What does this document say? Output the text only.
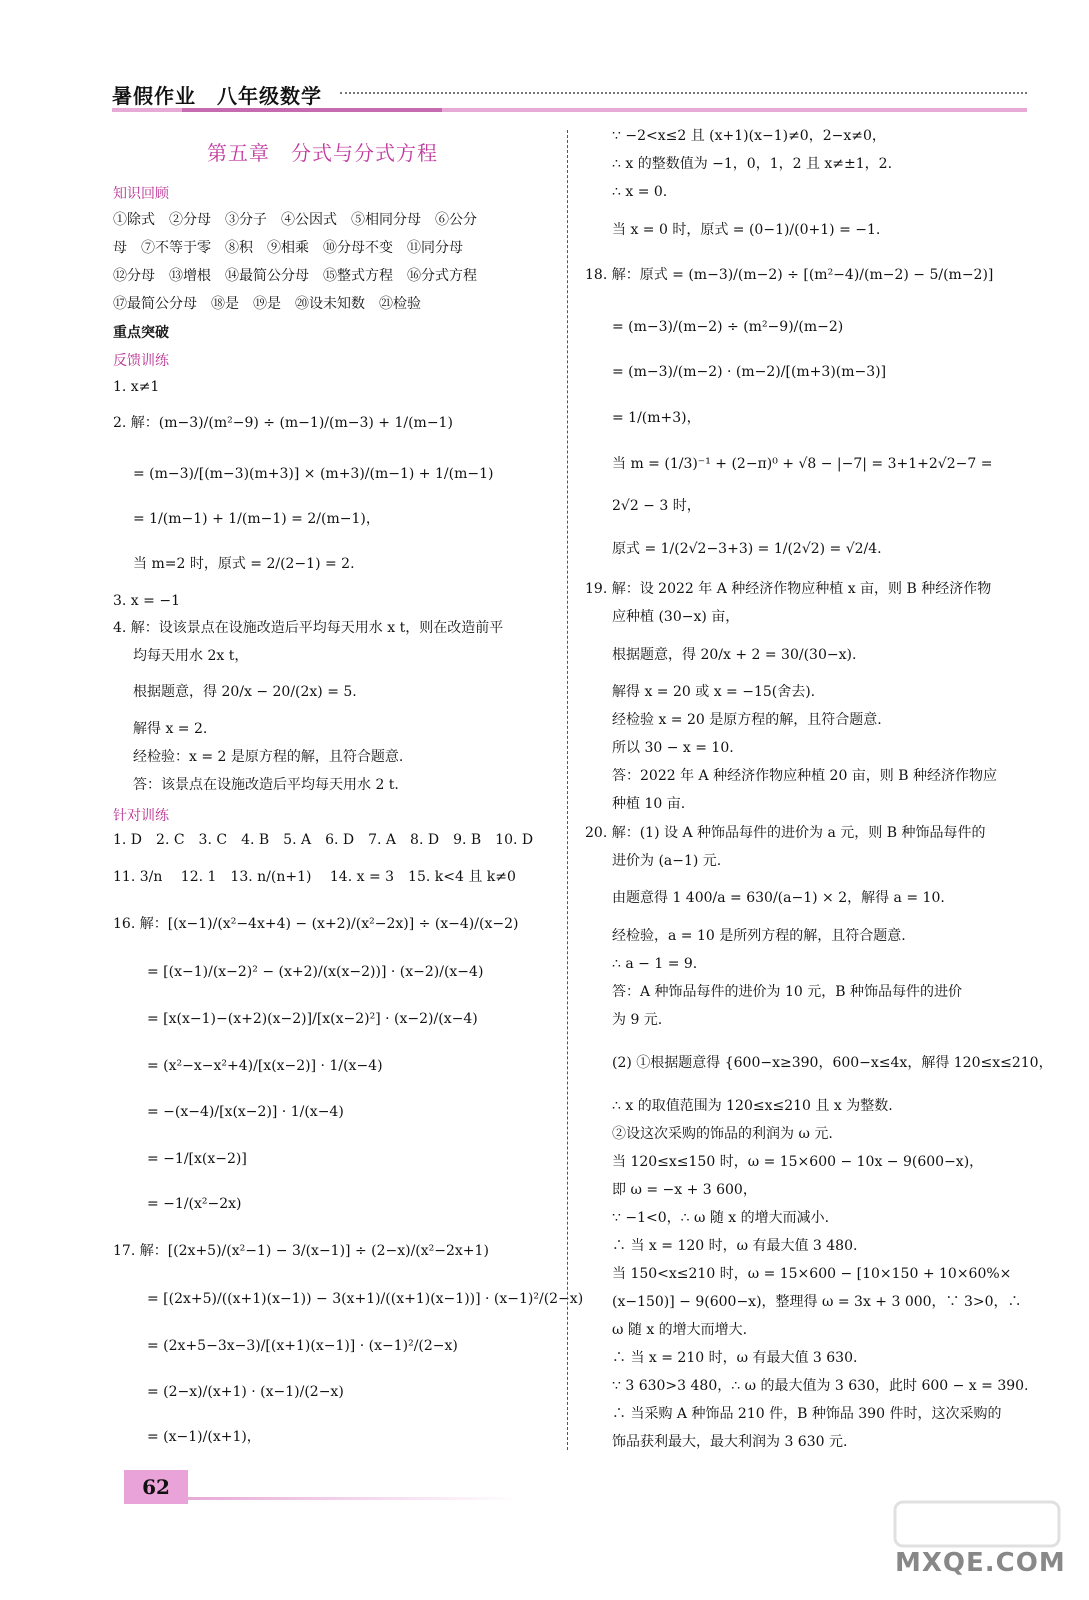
暑假作业　八年级数学
第五章　分式与分式方程
知识回顾
①除式　②分母　③分子　④公因式　⑤相同分母　⑥公分
母　⑦不等于零　⑧积　⑨相乘　⑩分母不变　⑪同分母
⑫分母　⑬增根　⑭最简公分母　⑮整式方程　⑯分式方程
⑰最简公分母　⑱是　⑲是　⑳设未知数　㉑检验
重点突破
反馈训练
1. x≠1
2. 解：(m−3)/(m²−9) ÷ (m−1)/(m−3) + 1/(m−1)
= (m−3)/[(m−3)(m+3)] × (m+3)/(m−1) + 1/(m−1)
= 1/(m−1) + 1/(m−1) = 2/(m−1)，
当 m=2 时，原式 = 2/(2−1) = 2.
3. x = −1
4. 解：设该景点在设施改造后平均每天用水 x t，则在改造前平
均每天用水 2x t，
根据题意，得 20/x − 20/(2x) = 5.
解得 x = 2.
经检验：x = 2 是原方程的解，且符合题意.
答：该景点在设施改造后平均每天用水 2 t.
针对训练
1. D　2. C　3. C　4. B　5. A　6. D　7. A　8. D　9. B　10. D
11. 3/n　 12. 1　13. n/(n+1)　 14. x = 3　15. k<4 且 k≠0
16. 解：[(x−1)/(x²−4x+4) − (x+2)/(x²−2x)] ÷ (x−4)/(x−2)
= [(x−1)/(x−2)² − (x+2)/(x(x−2))] · (x−2)/(x−4)
= [x(x−1)−(x+2)(x−2)]/[x(x−2)²] · (x−2)/(x−4)
= (x²−x−x²+4)/[x(x−2)] · 1/(x−4)
= −(x−4)/[x(x−2)] · 1/(x−4)
= −1/[x(x−2)]
= −1/(x²−2x)
17. 解：[(2x+5)/(x²−1) − 3/(x−1)] ÷ (2−x)/(x²−2x+1)
= [(2x+5)/((x+1)(x−1)) − 3(x+1)/((x+1)(x−1))] · (x−1)²/(2−x)
= (2x+5−3x−3)/[(x+1)(x−1)] · (x−1)²/(2−x)
= (2−x)/(x+1) · (x−1)/(2−x)
= (x−1)/(x+1)，
∵ −2<x≤2 且 (x+1)(x−1)≠0，2−x≠0，
∴ x 的整数值为 −1，0，1，2 且 x≠±1，2.
∴ x = 0.
当 x = 0 时，原式 = (0−1)/(0+1) = −1.
18. 解：原式 = (m−3)/(m−2) ÷ [(m²−4)/(m−2) − 5/(m−2)]
= (m−3)/(m−2) ÷ (m²−9)/(m−2)
= (m−3)/(m−2) · (m−2)/[(m+3)(m−3)]
= 1/(m+3)，
当 m = (1/3)⁻¹ + (2−π)⁰ + √8 − |−7| = 3+1+2√2−7 =
2√2 − 3 时，
原式 = 1/(2√2−3+3) = 1/(2√2) = √2/4.
19. 解：设 2022 年 A 种经济作物应种植 x 亩，则 B 种经济作物
应种植 (30−x) 亩，
根据题意，得 20/x + 2 = 30/(30−x).
解得 x = 20 或 x = −15(舍去).
经检验 x = 20 是原方程的解，且符合题意.
所以 30 − x = 10.
答：2022 年 A 种经济作物应种植 20 亩，则 B 种经济作物应
种植 10 亩.
20. 解：(1) 设 A 种饰品每件的进价为 a 元，则 B 种饰品每件的
进价为 (a−1) 元.
由题意得 1 400/a = 630/(a−1) × 2，解得 a = 10.
经检验，a = 10 是所列方程的解，且符合题意.
∴ a − 1 = 9.
答：A 种饰品每件的进价为 10 元，B 种饰品每件的进价
为 9 元.
(2) ①根据题意得 {600−x≥390，600−x≤4x，解得 120≤x≤210，
∴ x 的取值范围为 120≤x≤210 且 x 为整数.
②设这次采购的饰品的利润为 ω 元.
当 120≤x≤150 时，ω = 15×600 − 10x − 9(600−x)，
即 ω = −x + 3 600，
∵ −1<0，∴ ω 随 x 的增大而减小.
∴ 当 x = 120 时，ω 有最大值 3 480.
当 150<x≤210 时，ω = 15×600 − [10×150 + 10×60%×
(x−150)] − 9(600−x)，整理得 ω = 3x + 3 000，∵ 3>0，∴
ω 随 x 的增大而增大.
∴ 当 x = 210 时，ω 有最大值 3 630.
∵ 3 630>3 480，∴ ω 的最大值为 3 630，此时 600 − x = 390.
∴ 当采购 A 种饰品 210 件，B 种饰品 390 件时，这次采购的
饰品获利最大，最大利润为 3 630 元.
62
MXQE.COM
